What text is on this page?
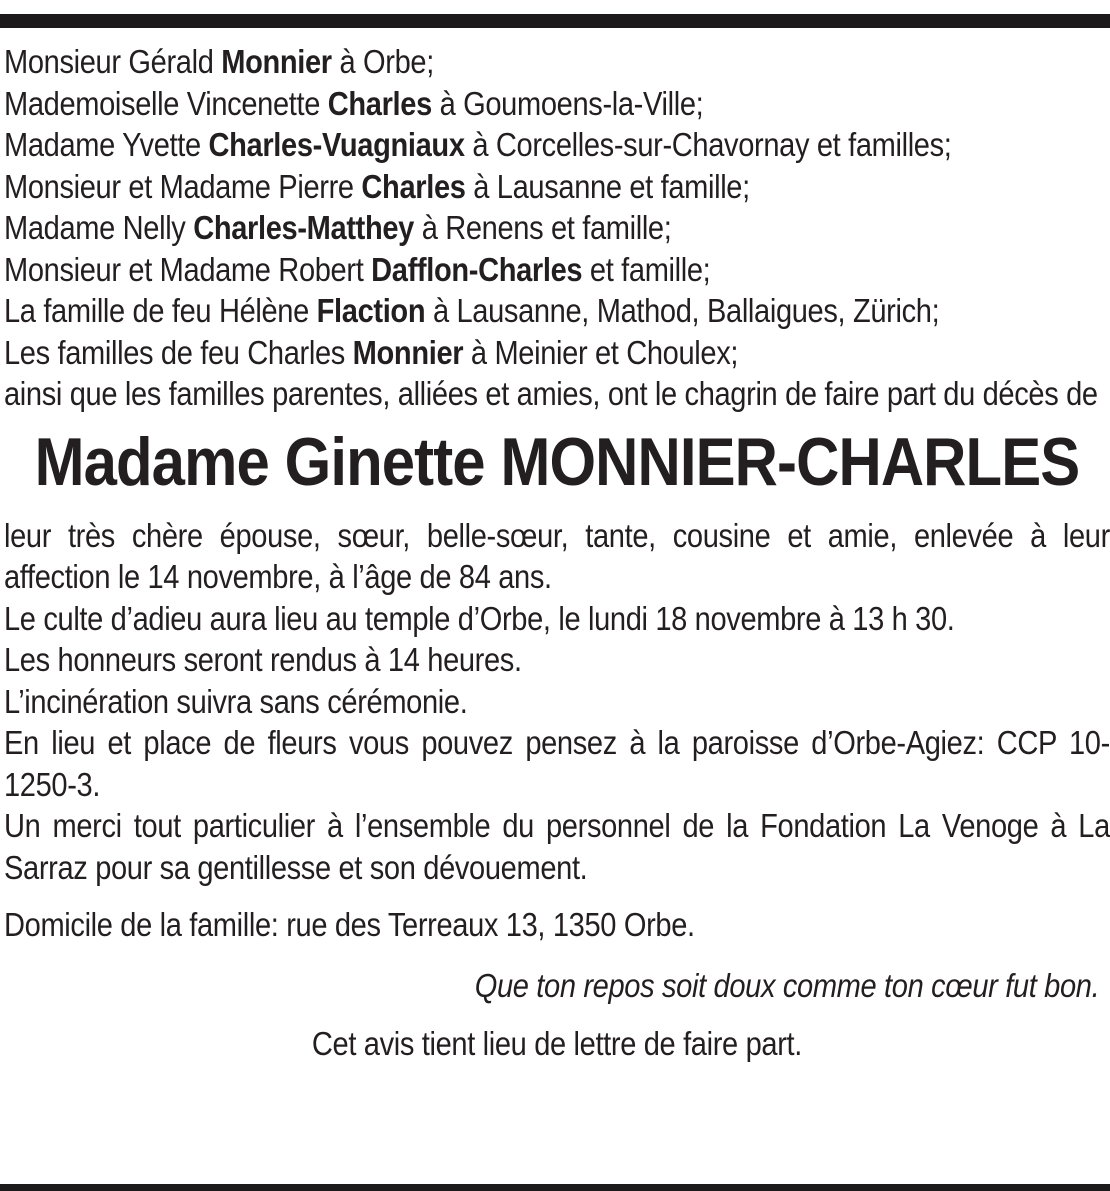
Monsieur Gérald Monnier à Orbe;
Mademoiselle Vincenette Charles à Goumoens-la-Ville;
Madame Yvette Charles-Vuagniaux à Corcelles-sur-Chavornay et familles;
Monsieur et Madame Pierre Charles à Lausanne et famille;
Madame Nelly Charles-Matthey à Renens et famille;
Monsieur et Madame Robert Dafflon-Charles et famille;
La famille de feu Hélène Flaction à Lausanne, Mathod, Ballaigues, Zürich;
Les familles de feu Charles Monnier à Meinier et Choulex;

ainsi que les familles parentes, alliées et amies, ont le chagrin de faire part du décès de

Madame Ginette MONNIER-CHARLES

leur très chère épouse, sœur, belle-sœur, tante, cousine et amie, enlevée à leur affection le 14 novembre, à l’âge de 84 ans.

Le culte d’adieu aura lieu au temple d’Orbe, le lundi 18 novembre à 13 h 30.

Les honneurs seront rendus à 14 heures.

L’incinération suivra sans cérémonie.

En lieu et place de fleurs vous pouvez pensez à la paroisse d’Orbe-Agiez: CCP 10-1250-3.

Un merci tout particulier à l’ensemble du personnel de la Fondation La Venoge à La Sarraz pour sa gentillesse et son dévouement.

Domicile de la famille: rue des Terreaux 13, 1350 Orbe.

Que ton repos soit doux comme ton cœur fut bon.

Cet avis tient lieu de lettre de faire part.
